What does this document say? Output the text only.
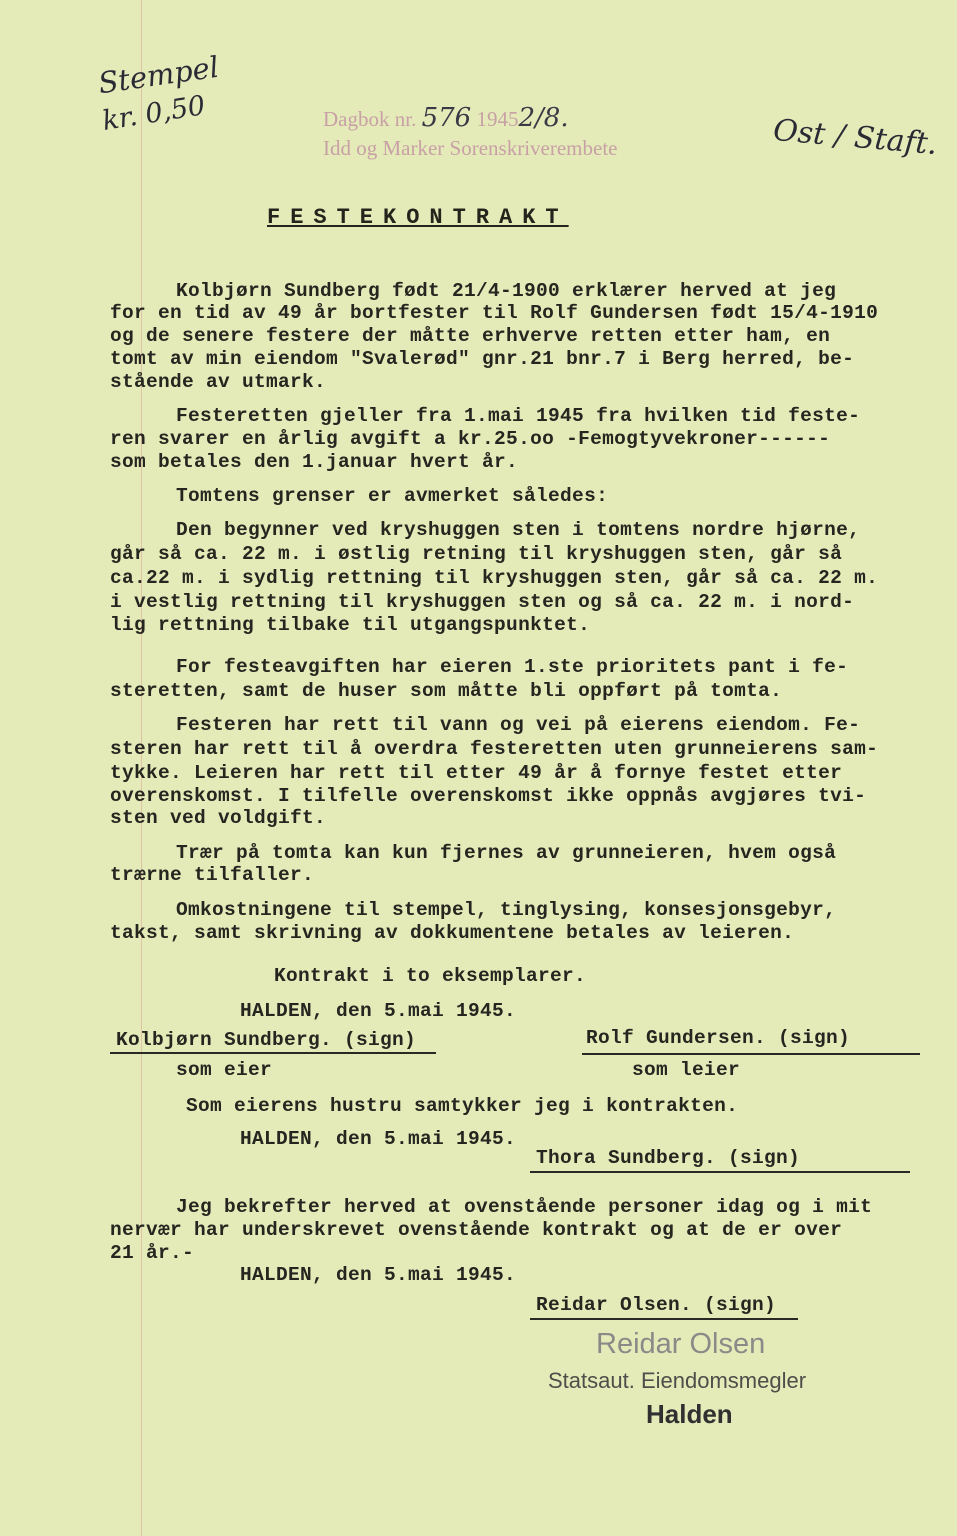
Stempel
kr. 0,50	Ost / Staft.
Dagbok nr. 576 19452/8.
Idd og Marker Sorenskriverembete
FESTEKONTRAKT
Kolbjørn Sundberg født 21/4-1900 erklærer herved at jeg
for en tid av 49 år bortfester til Rolf Gundersen født 15/4-1910
og de senere festere der måtte erhverve retten etter ham, en
tomt av min eiendom "Svalerød" gnr.21 bnr.7 i Berg herred, be-
stående av utmark.
Festeretten gjeller fra 1.mai 1945 fra hvilken tid feste-
ren svarer en årlig avgift a kr.25.oo -Femogtyvekroner------
som betales den 1.januar hvert år.
Tomtens grenser er avmerket således:
Den begynner ved kryshuggen sten i tomtens nordre hjørne,
går så ca. 22 m. i østlig retning til kryshuggen sten, går så
ca.22 m. i sydlig rettning til kryshuggen sten, går så ca. 22 m.
i vestlig rettning til kryshuggen sten og så ca. 22 m. i nord-
lig rettning tilbake til utgangspunktet.
For festeavgiften har eieren 1.ste prioritets pant i fe-
steretten, samt de huser som måtte bli oppført på tomta.
Festeren har rett til vann og vei på eierens eiendom. Fe-
steren har rett til å overdra festeretten uten grunneierens sam-
tykke. Leieren har rett til etter 49 år å fornye festet etter
overenskomst. I tilfelle overenskomst ikke oppnås avgjøres tvi-
sten ved voldgift.
Trær på tomta kan kun fjernes av grunneieren, hvem også
trærne tilfaller.
Omkostningene til stempel, tinglysing, konsesjonsgebyr,
takst, samt skrivning av dokkumentene betales av leieren.
Kontrakt i to eksemplarer.
HALDEN, den 5.mai 1945.
Kolbjørn Sundberg. (sign)	Rolf Gundersen. (sign)
som eier	som leier
Som eierens hustru samtykker jeg i kontrakten.
HALDEN, den 5.mai 1945.
Thora Sundberg. (sign)
Jeg bekrefter herved at ovenstående personer idag og i mit
nervær har underskrevet ovenstående kontrakt og at de er over
21 år.-
HALDEN, den 5.mai 1945.
Reidar Olsen. (sign)
Reidar Olsen
Statsaut. Eiendomsmegler
Halden
